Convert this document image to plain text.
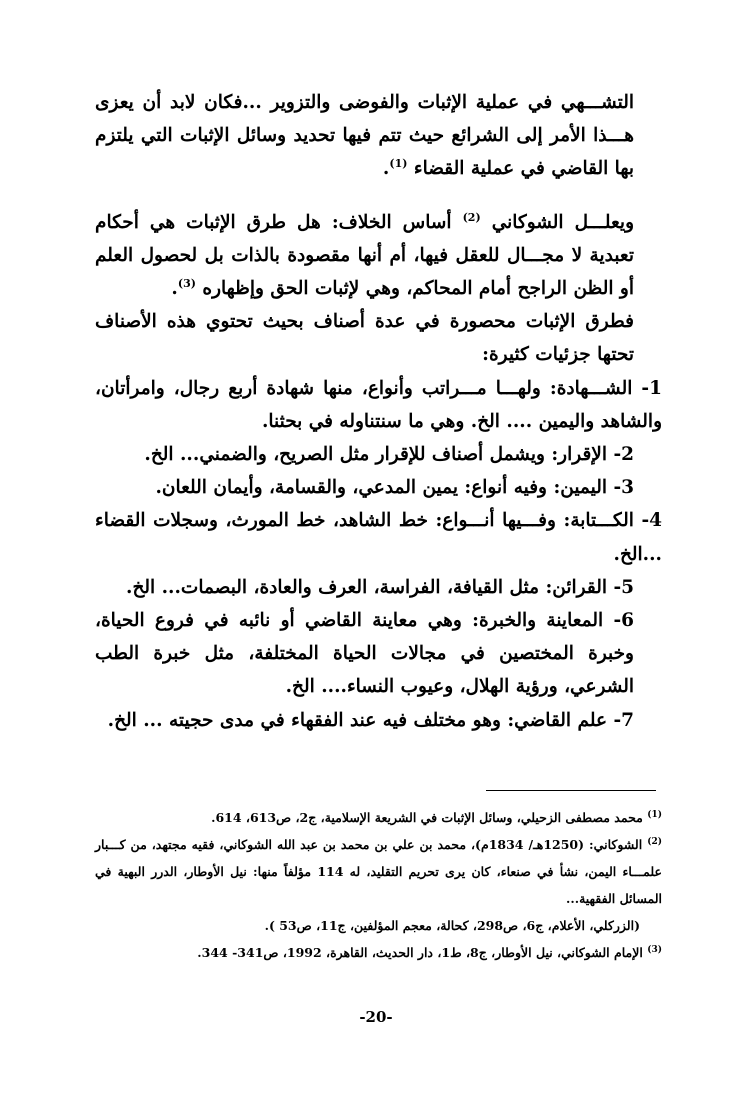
التشـــهي في عملية الإثبات والفوضى والتزوير ...فكان لابد أن يعزى هـــذا الأمر إلى الشرائع حيث تتم فيها تحديد وسائل الإثبات التي يلتزم بها القاضي في عملية القضاء $^{(1)}$.

ويعلـــل الشوكاني $^{(2)}$ أساس الخلاف: هل طرق الإثبات هي أحكام تعبدية لا مجـــال للعقل فيها، أم أنها مقصودة بالذات بل لحصول العلم أو الظن الراجح أمام المحاكم، وهي لإثبات الحق وإظهاره $^{(3)}$.

فطرق الإثبات محصورة في عدة أصناف بحيث تحتوي هذه الأصناف تحتها جزئيات كثيرة:

1- الشـــهادة: ولهـــا مـــراتب وأنواع، منها شهادة أربع رجال، وامرأتان، والشاهد واليمين .... الخ. وهي ما سنتناوله في بحثنا.

2- الإقرار: ويشمل أصناف للإقرار مثل الصريح، والضمني... الخ.

3- اليمين: وفيه أنواع: يمين المدعي، والقسامة، وأيمان اللعان.

4- الكـــتابة: وفـــيها أنـــواع: خط الشاهد، خط المورث، وسجلات القضاء ...الخ.

5- القرائن: مثل القيافة، الفراسة، العرف والعادة، البصمات... الخ.

6- المعاينة والخبرة: وهي معاينة القاضي أو نائبه في فروع الحياة، وخبرة المختصين في مجالات الحياة المختلفة، مثل خبرة الطب الشرعي، ورؤية الهلال، وعيوب النساء.... الخ.

7- علم القاضي: وهو مختلف فيه عند الفقهاء في مدى حجيته ... الخ.

$^{(1)}$ محمد مصطفى الزحيلي، وسائل الإثبات في الشريعة الإسلامية، ج2، ص613، 614.

$^{(2)}$ الشوكاني: (1250هـ/ 1834م)، محمد بن علي بن محمد بن عبد الله الشوكاني، فقيه مجتهد، من كـــبار علمـــاء اليمن، نشأ في صنعاء، كان يرى تحريم التقليد، له 114 مؤلفاً منها: نيل الأوطار، الدرر البهية في المسائل الفقهية...

(الزركلي، الأعلام، ج6، ص298، كحالة، معجم المؤلفين، ج11، ص53 ).

$^{(3)}$ الإمام الشوكاني، نيل الأوطار، ج8، ط1، دار الحديث، القاهرة، 1992، ص341- 344.

-20-
